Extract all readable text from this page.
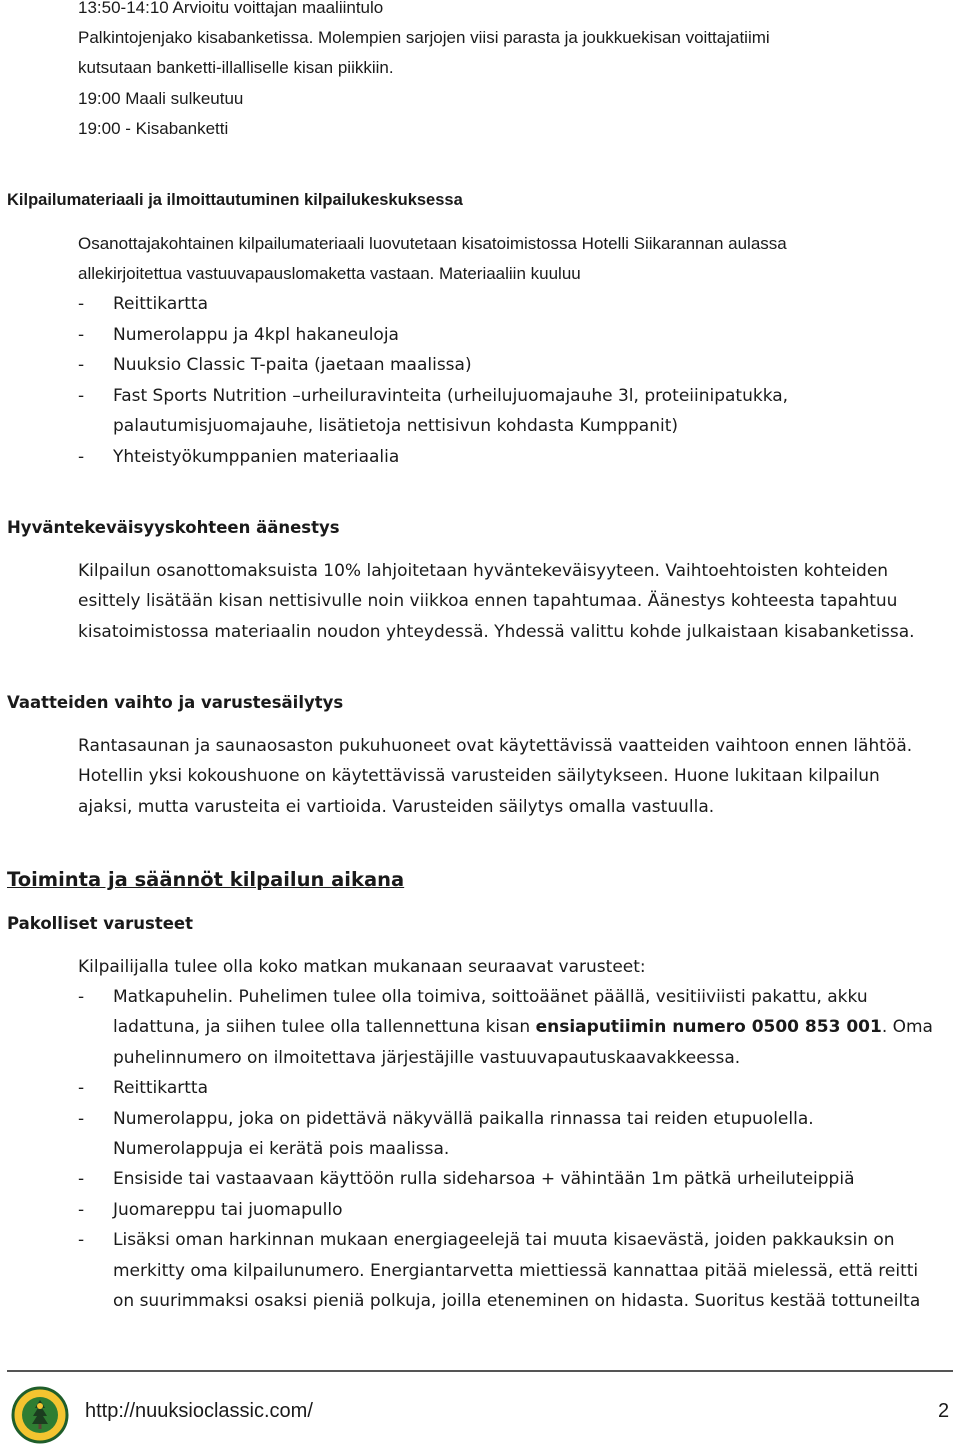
13:50-14:10 Arvioitu voittajan maaliintulo
Palkintojenjako kisabanketissa. Molempien sarjojen viisi parasta ja joukkuekisan voittajatiimi
kutsutaan banketti-illalliselle kisan piikkiin.
19:00 Maali sulkeutuu
19:00 - Kisabanketti
Kilpailumateriaali ja ilmoittautuminen kilpailukeskuksessa
Osanottajakohtainen kilpailumateriaali luovutetaan kisatoimistossa Hotelli Siikarannan aulassa
allekirjoitettua vastuuvapauslomaketta vastaan. Materiaaliin kuuluu
- Reittikartta
- Numerolappu ja 4kpl hakaneuloja
- Nuuksio Classic T-paita (jaetaan maalissa)
- Fast Sports Nutrition –urheiluravinteita (urheilujuomajauhe 3l, proteiinipatukka,
palautumisjuomajauhe, lisätietoja nettisivun kohdasta Kumppanit)
- Yhteistyökumppanien materiaalia
Hyväntekeväisyyskohteen äänestys
Kilpailun osanottomaksuista 10% lahjoitetaan hyväntekeväisyyteen. Vaihtoehtoisten kohteiden
esittely lisätään kisan nettisivulle noin viikkoa ennen tapahtumaa. Äänestys kohteesta tapahtuu
kisatoimistossa materiaalin noudon yhteydessä. Yhdessä valittu kohde julkaistaan kisabanketissa.
Vaatteiden vaihto ja varustesäilytys
Rantasaunan ja saunaosaston pukuhuoneet ovat käytettävissä vaatteiden vaihtoon ennen lähtöä.
Hotellin yksi kokoushuone on käytettävissä varusteiden säilytykseen. Huone lukitaan kilpailun
ajaksi, mutta varusteita ei vartioida. Varusteiden säilytys omalla vastuulla.
Toiminta ja säännöt kilpailun aikana
Pakolliset varusteet
Kilpailijalla tulee olla koko matkan mukanaan seuraavat varusteet:
- Matkapuhelin. Puhelimen tulee olla toimiva, soittoäänet päällä, vesitiiviisti pakattu, akku
ladattuna, ja siihen tulee olla tallennettuna kisan ensiaputiimin numero 0500 853 001. Oma
puhelinnumero on ilmoitettava järjestäjille vastuuvapautuskaavakkeessa.
- Reittikartta
- Numerolappu, joka on pidettävä näkyvällä paikalla rinnassa tai reiden etupuolella.
Numerolappuja ei kerätä pois maalissa.
- Ensiside tai vastaavaan käyttöön rulla sideharsoa + vähintään 1m pätkä urheiluteippiä
- Juomareppu tai juomapullo
- Lisäksi oman harkinnan mukaan energiageelejä tai muuta kisaevästä, joiden pakkauksin on
merkitty oma kilpailunumero. Energiantarvetta miettiessä kannattaa pitää mielessä, että reitti
on suurimmaksi osaksi pieniä polkuja, joilla eteneminen on hidasta. Suoritus kestää tottuneilta
http://nuuksioclassic.com/	2
